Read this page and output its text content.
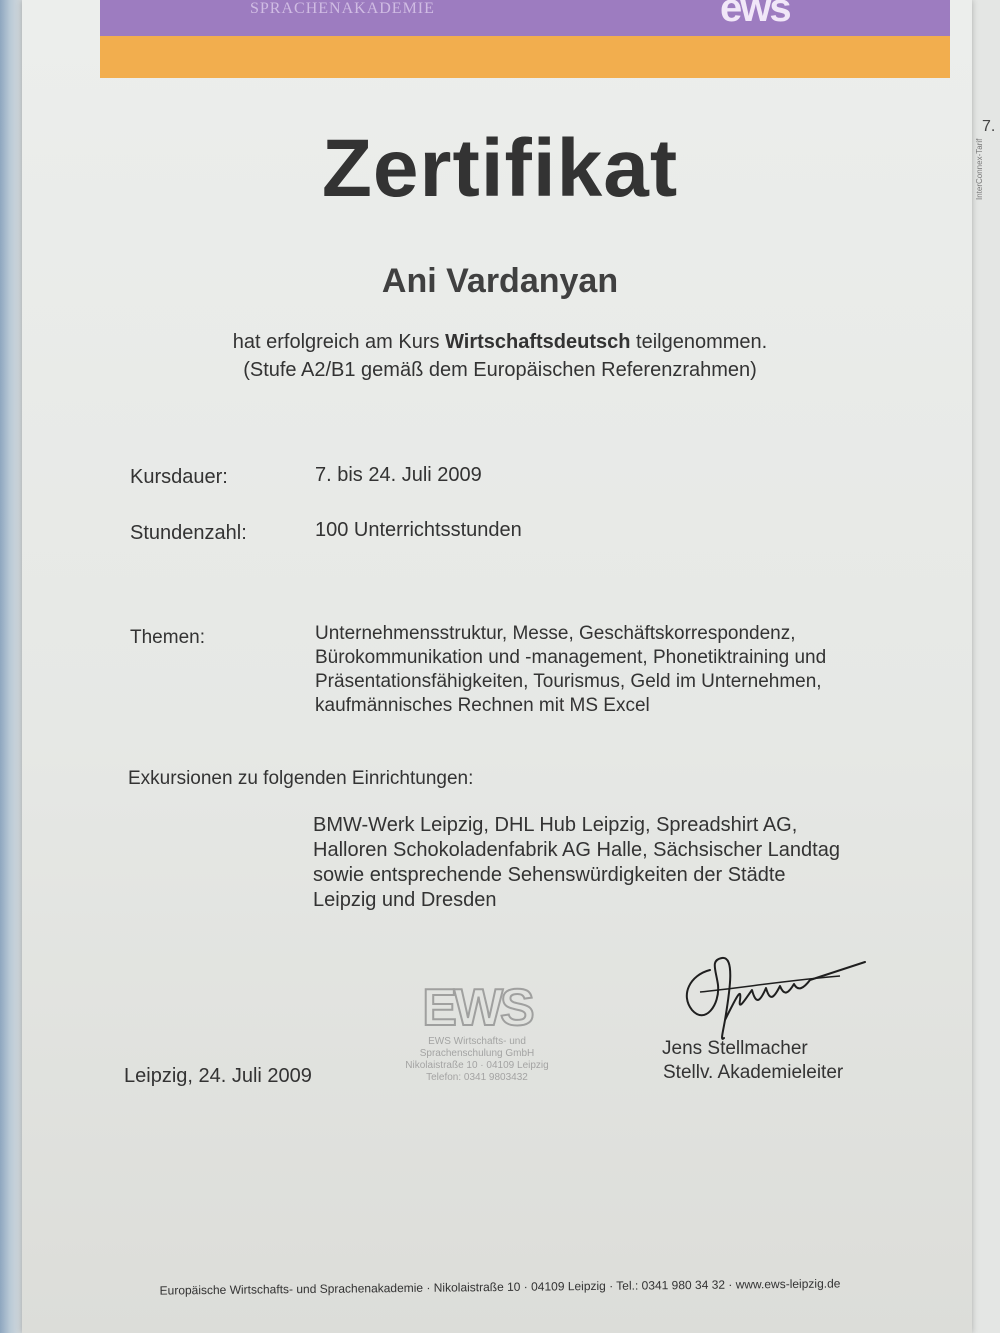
SPRACHENAKADEMIE	ews
7.
InterConnex-Tarif
Zertifikat
Ani Vardanyan
hat erfolgreich am Kurs Wirtschaftsdeutsch teilgenommen.
(Stufe A2/B1 gemäß dem Europäischen Referenzrahmen)
Kursdauer:	7. bis 24. Juli 2009
Stundenzahl:	100 Unterrichtsstunden
Themen:	Unternehmensstruktur, Messe, Geschäftskorrespondenz,
Bürokommunikation und -management, Phonetiktraining und
Präsentationsfähigkeiten, Tourismus, Geld im Unternehmen,
kaufmännisches Rechnen mit MS Excel
Exkursionen zu folgenden Einrichtungen:
BMW-Werk Leipzig, DHL Hub Leipzig, Spreadshirt AG,
Halloren Schokoladenfabrik AG Halle, Sächsischer Landtag
sowie entsprechende Sehenswürdigkeiten der Städte
Leipzig und Dresden
Leipzig, 24. Juli 2009
EWS
EWS Wirtschafts- und
Sprachenschulung GmbH
Nikolaistraße 10 · 04109 Leipzig
Telefon: 0341 9803432
Jens Stellmacher
Stellv. Akademieleiter
Europäische Wirtschafts- und Sprachenakademie · Nikolaistraße 10 · 04109 Leipzig · Tel.: 0341 980 34 32 · www.ews-leipzig.de
